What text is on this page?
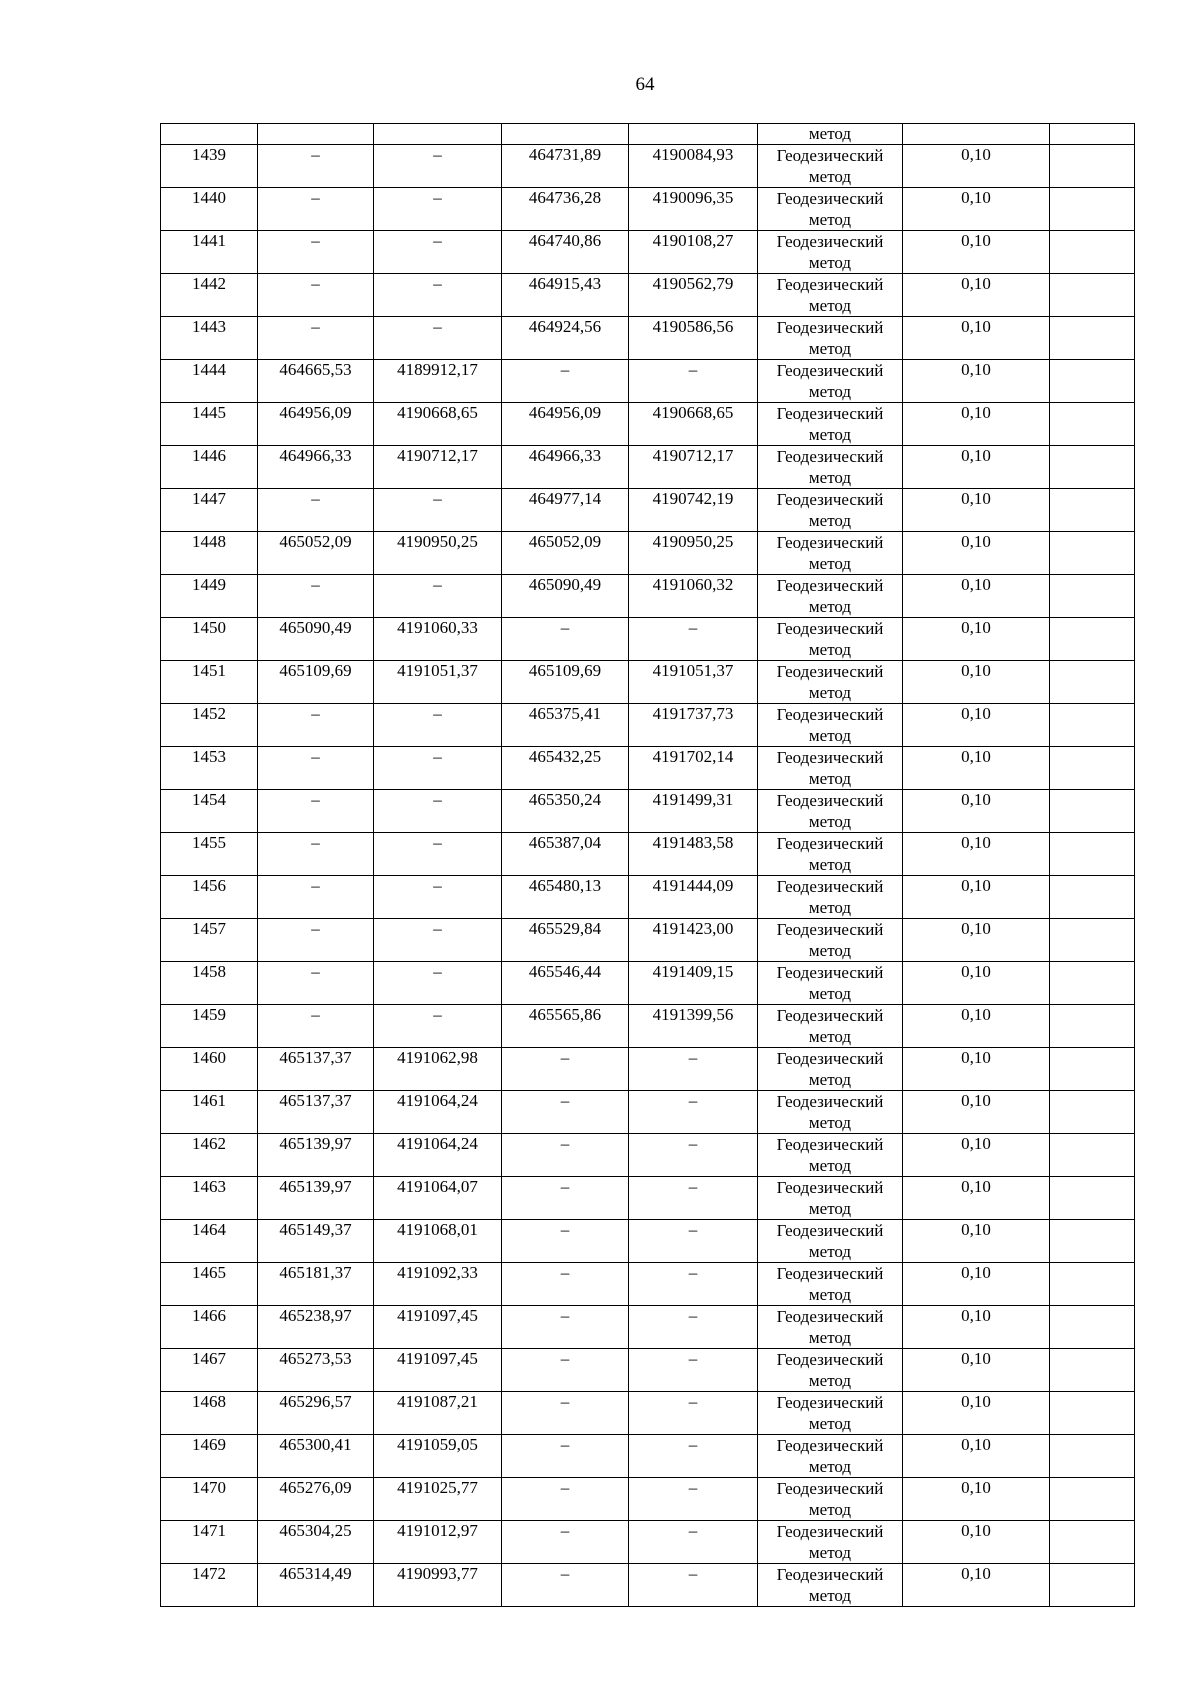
64
					метод		
1439	–	–	464731,89	4190084,93	Геодезический
метод	0,10	
1440	–	–	464736,28	4190096,35	Геодезический
метод	0,10	
1441	–	–	464740,86	4190108,27	Геодезический
метод	0,10	
1442	–	–	464915,43	4190562,79	Геодезический
метод	0,10	
1443	–	–	464924,56	4190586,56	Геодезический
метод	0,10	
1444	464665,53	4189912,17	–	–	Геодезический
метод	0,10	
1445	464956,09	4190668,65	464956,09	4190668,65	Геодезический
метод	0,10	
1446	464966,33	4190712,17	464966,33	4190712,17	Геодезический
метод	0,10	
1447	–	–	464977,14	4190742,19	Геодезический
метод	0,10	
1448	465052,09	4190950,25	465052,09	4190950,25	Геодезический
метод	0,10	
1449	–	–	465090,49	4191060,32	Геодезический
метод	0,10	
1450	465090,49	4191060,33	–	–	Геодезический
метод	0,10	
1451	465109,69	4191051,37	465109,69	4191051,37	Геодезический
метод	0,10	
1452	–	–	465375,41	4191737,73	Геодезический
метод	0,10	
1453	–	–	465432,25	4191702,14	Геодезический
метод	0,10	
1454	–	–	465350,24	4191499,31	Геодезический
метод	0,10	
1455	–	–	465387,04	4191483,58	Геодезический
метод	0,10	
1456	–	–	465480,13	4191444,09	Геодезический
метод	0,10	
1457	–	–	465529,84	4191423,00	Геодезический
метод	0,10	
1458	–	–	465546,44	4191409,15	Геодезический
метод	0,10	
1459	–	–	465565,86	4191399,56	Геодезический
метод	0,10	
1460	465137,37	4191062,98	–	–	Геодезический
метод	0,10	
1461	465137,37	4191064,24	–	–	Геодезический
метод	0,10	
1462	465139,97	4191064,24	–	–	Геодезический
метод	0,10	
1463	465139,97	4191064,07	–	–	Геодезический
метод	0,10	
1464	465149,37	4191068,01	–	–	Геодезический
метод	0,10	
1465	465181,37	4191092,33	–	–	Геодезический
метод	0,10	
1466	465238,97	4191097,45	–	–	Геодезический
метод	0,10	
1467	465273,53	4191097,45	–	–	Геодезический
метод	0,10	
1468	465296,57	4191087,21	–	–	Геодезический
метод	0,10	
1469	465300,41	4191059,05	–	–	Геодезический
метод	0,10	
1470	465276,09	4191025,77	–	–	Геодезический
метод	0,10	
1471	465304,25	4191012,97	–	–	Геодезический
метод	0,10	
1472	465314,49	4190993,77	–	–	Геодезический
метод	0,10	
